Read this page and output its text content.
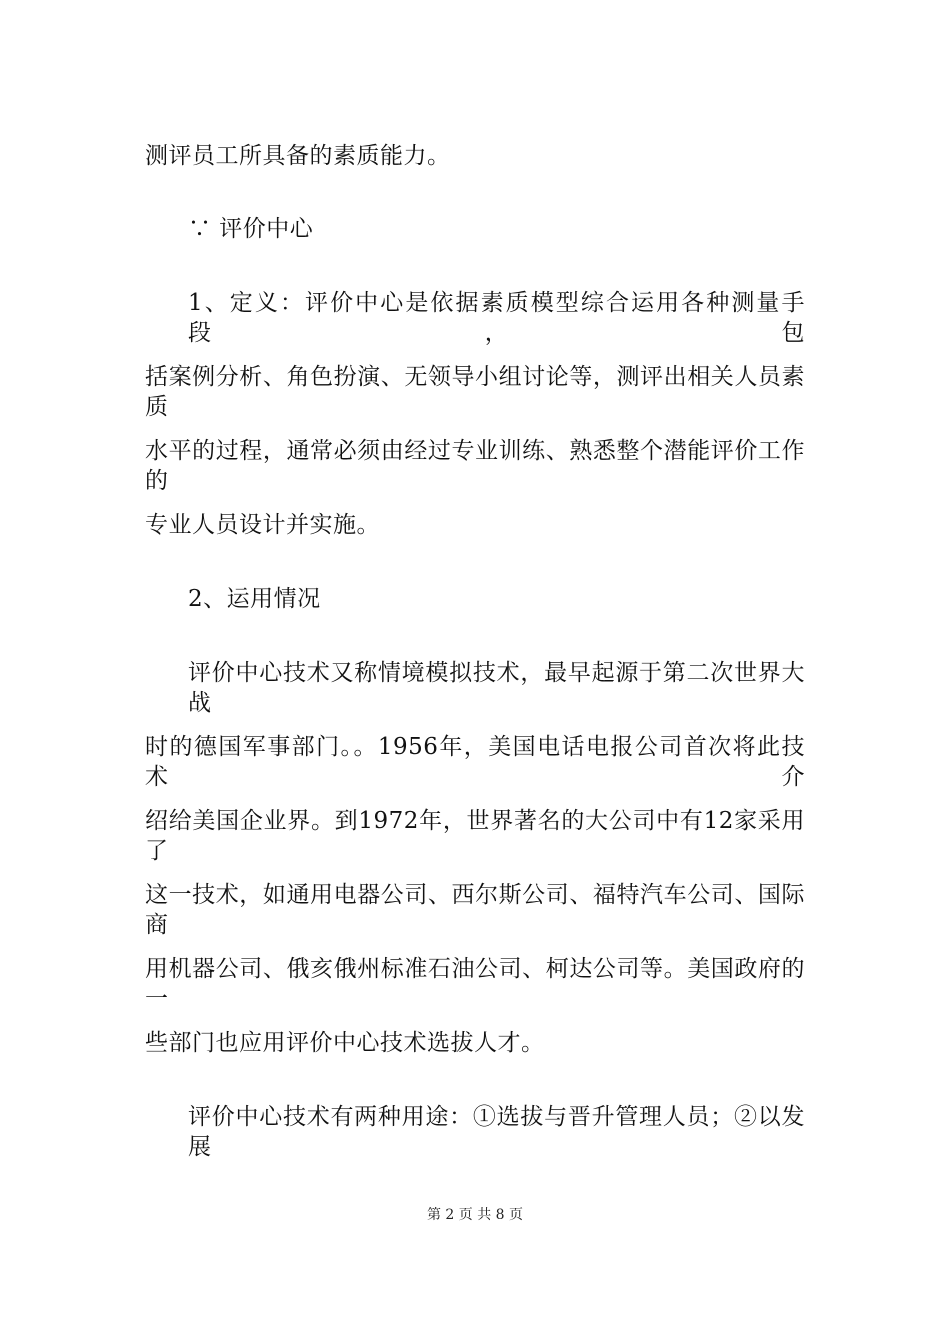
测评员工所具备的素质能力。
∵ 评价中心
1、定义：评价中心是依据素质模型综合运用各种测量手段，包
括案例分析、角色扮演、无领导小组讨论等，测评出相关人员素质
水平的过程，通常必须由经过专业训练、熟悉整个潜能评价工作的
专业人员设计并实施。
2、运用情况
评价中心技术又称情境模拟技术，最早起源于第二次世界大战
时的德国军事部门。。1956年，美国电话电报公司首次将此技术介
绍给美国企业界。到1972年，世界著名的大公司中有12家采用了
这一技术，如通用电器公司、西尔斯公司、福特汽车公司、国际商
用机器公司、俄亥俄州标准石油公司、柯达公司等。美国政府的一
些部门也应用评价中心技术选拔人才。
评价中心技术有两种用途：①选拔与晋升管理人员；②以发展
第 2 页 共 8 页
